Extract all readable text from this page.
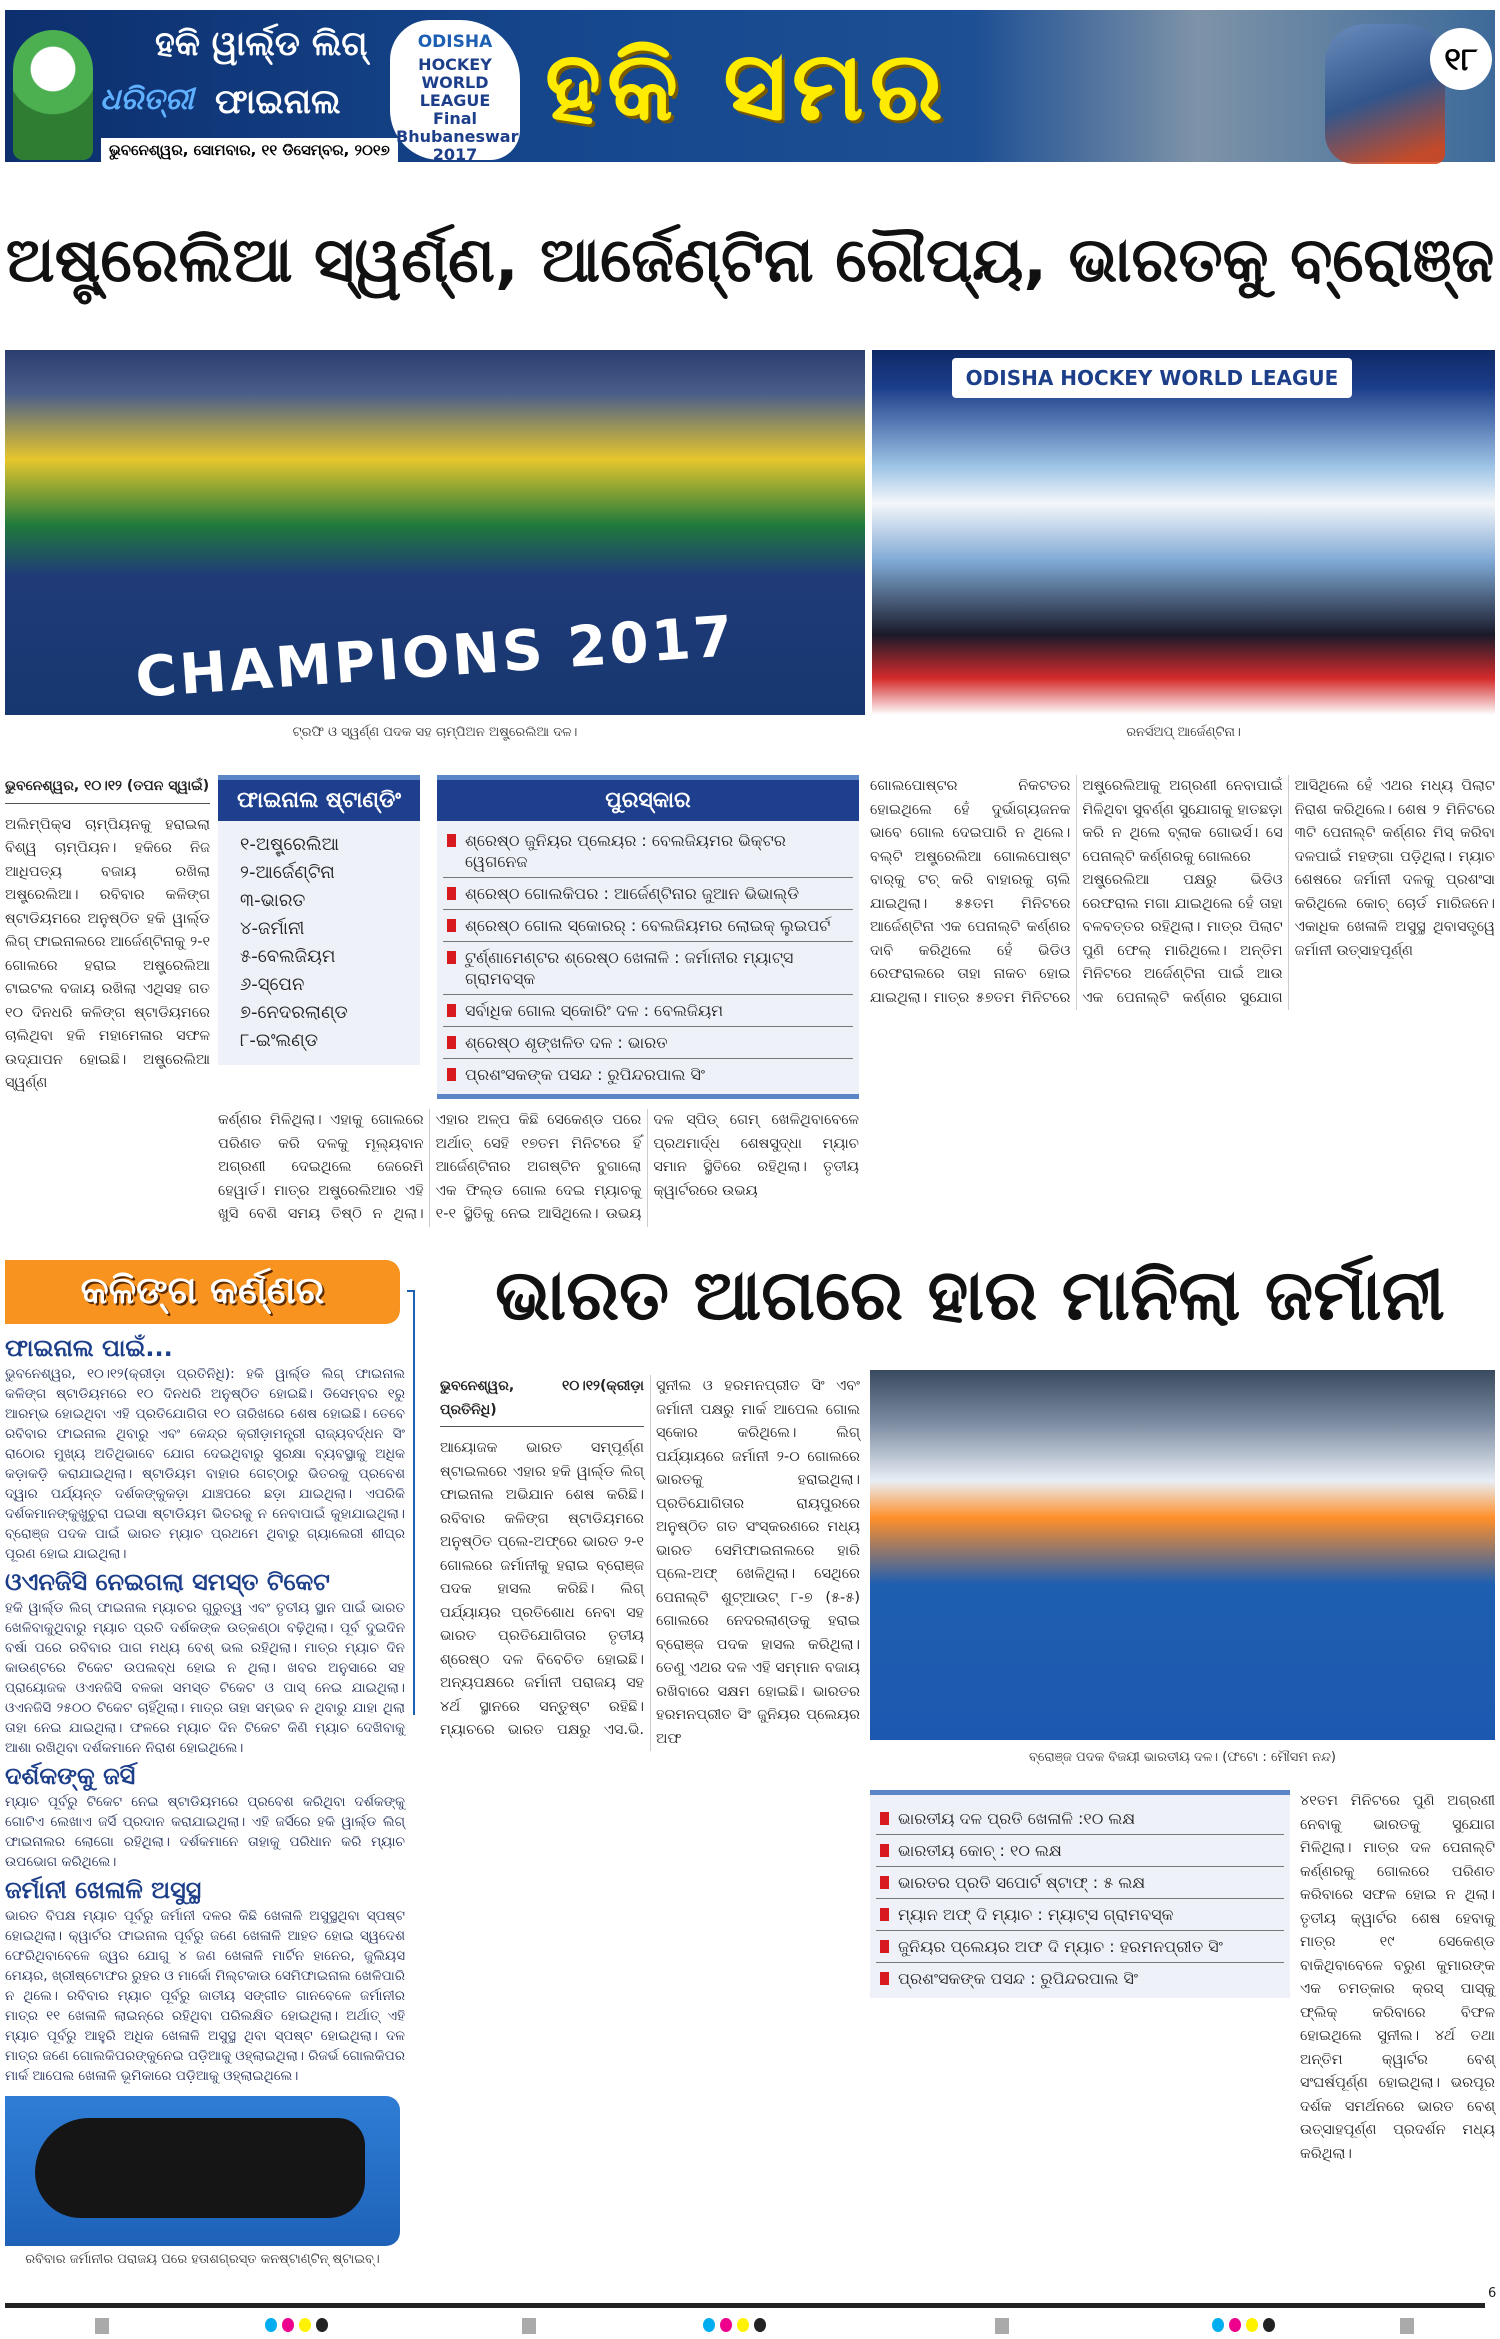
ହକି ୱାର୍ଲ୍ଡ ଲିଗ୍
ଧରିତ୍ରୀ ଫାଇନାଲ
ଭୁବନେଶ୍ୱର, ସୋମବାର, ୧୧ ଡିସେମ୍ବର, ୨୦୧୭
ODISHA
HOCKEY WORLD LEAGUE Final Bhubaneswar 2017
ହକି ସମର	୧୮
ଅଷ୍ଟ୍ରେଲିଆ ସ୍ୱର୍ଣ୍ଣ, ଆର୍ଜେଣ୍ଟିନା ରୌପ୍ୟ, ଭାରତକୁ ବ୍ରୋଞ୍ଜ
CHAMPIONS 2017
ODISHA HOCKEY WORLD LEAGUE
ଟ୍ରଫି ଓ ସ୍ୱର୍ଣ୍ଣ ପଦକ ସହ ଚାମ୍ପିଅନ ଅଷ୍ଟ୍ରେଲିଆ ଦଳ।	ରନର୍ସଅପ୍ ଆର୍ଜେଣ୍ଟିନା।
ଭୁବନେଶ୍ୱର, ୧୦।୧୨ (ତପନ ସ୍ୱାଇଁ)

ଅଲିମ୍ପିକ୍ସ ଚାମ୍ପିୟନକୁ ହରାଇଲା ବିଶ୍ୱ ଚାମ୍ପିୟନ। ହକିରେ ନିଜ ଆଧିପତ୍ୟ ବଜାୟ ରଖିଲା ଅଷ୍ଟ୍ରେଲିଆ। ରବିବାର କଳିଙ୍ଗ ଷ୍ଟାଡିୟମରେ ଅନୁଷ୍ଠିତ ହକି ୱାର୍ଲ୍ଡ ଲିଗ୍ ଫାଇନାଲରେ ଆର୍ଜେଣ୍ଟିନାକୁ ୨-୧ ଗୋଲରେ ହରାଇ ଅଷ୍ଟ୍ରେଲିଆ ଟାଇଟଲ ବଜାୟ ରଖିଲା ଏଥିସହ ଗତ ୧୦ ଦିନଧରି କଳିଙ୍ଗ ଷ୍ଟାଡିୟମରେ ଚାଲିଥିବା ହକି ମହାମେଳାର ସଫଳ ଉଦ୍‌ଯାପନ ହୋଇଛି। ଅଷ୍ଟ୍ରେଲିଆ ସ୍ୱର୍ଣ୍ଣ

ଫାଇନାଲ ଷ୍ଟାଣ୍ଡିଂ
୧-ଅଷ୍ଟ୍ରେଲିଆ
୨-ଆର୍ଜେଣ୍ଟିନା
୩-ଭାରତ
୪-ଜର୍ମାନୀ
୫-ବେଲଜିୟମ
୬-ସ୍ପେନ
୭-ନେଦରଲାଣ୍ଡ
୮-ଇଂଲଣ୍ଡ
ପୁରସ୍କାର
ଶ୍ରେଷ୍ଠ ଜୁନିୟର ପ୍ଲେୟର : ବେଲଜିୟମର ଭିକ୍ଟର ୱେଗନେଜ
ଶ୍ରେଷ୍ଠ ଗୋଲକିପର : ଆର୍ଜେଣ୍ଟିନାର ଜୁଆନ ଭିଭାଲ୍ଡି
ଶ୍ରେଷ୍ଠ ଗୋଲ ସ୍କୋରର୍ : ବେଲଜିୟମର ଲୋଇକ୍ ଲୁଇପର୍ଟ
ଟୁର୍ଣ୍ଣାମେଣ୍ଟର ଶ୍ରେଷ୍ଠ ଖେଳାଳି : ଜର୍ମାନୀର ମ୍ୟାଟ୍ସ ଗ୍ରାମବସ୍କ
ସର୍ବାଧିକ ଗୋଲ ସ୍କୋରିଂ ଦଳ : ବେଲଜିୟମ
ଶ୍ରେଷ୍ଠ ଶୃଙ୍ଖଳିତ ଦଳ : ଭାରତ
ପ୍ରଶଂସକଙ୍କ ପସନ୍ଦ : ରୁପିନ୍ଦରପାଲ ସିଂ

କର୍ଣ୍ଣର ମିଳିଥିଲା। ଏହାକୁ ଗୋଲରେ ପରିଣତ କରି ଦଳକୁ ମୂଲ୍ୟବାନ ଅଗ୍ରଣୀ ଦେଇଥିଲେ ଜେରେମି ହେୱାର୍ଡ। ମାତ୍ର ଅଷ୍ଟ୍ରେଲିଆର ଏହି ଖୁସି ବେଶି ସମୟ ତିଷ୍ଠି ନ ଥିଲା। ଏହାର ଅଳ୍ପ କିଛି ସେକେଣ୍ଡ ପରେ ଅର୍ଥାତ୍ ସେହି ୧୭ତମ ମିନିଟରେ ହିଁ ଆର୍ଜେଣ୍ଟିନାର ଅଗଷ୍ଟିନ ବୁଗାଲୋ ଏକ ଫିଲ୍ଡ ଗୋଲ ଦେଇ ମ୍ୟାଚକୁ ୧-୧ ସ୍ଥିତିକୁ ନେଇ ଆସିଥିଲେ। ଉଭୟ ଦଳ ସ୍ପିଡ୍ ଗେମ୍ ଖେଳିଥିବାବେଳେ ପ୍ରଥମାର୍ଦ୍ଧ ଶେଷସୁଦ୍ଧା ମ୍ୟାଚ ସମାନ ସ୍ଥିତିରେ ରହିଥିଲା। ତୃତୀୟ କ୍ୱାର୍ଟରରେ ଉଭୟ

ଗୋଲପୋଷ୍ଟର ନିକଟତର ହୋଇଥିଲେ ହେଁ ଦୁର୍ଭାଗ୍ୟଜନକ ଭାବେ ଗୋଲ ଦେଇପାରି ନ ଥିଲେ। ବଲ୍‌ଟି ଅଷ୍ଟ୍ରେଲିଆ ଗୋଲପୋଷ୍ଟ ବାର୍‌କୁ ଟଚ୍ କରି ବାହାରକୁ ଚାଲି ଯାଇଥିଲା। ୫୫ତମ ମିନିଟରେ ଆର୍ଜେଣ୍ଟିନା ଏକ ପେନାଲ୍ଟି କର୍ଣ୍ଣର ଦାବି କରିଥିଲେ ହେଁ ଭିଡିଓ ରେଫରାଲରେ ତାହା ନାକଚ ହୋଇ ଯାଇଥିଲା। ମାତ୍ର ୫୭ତମ ମିନିଟରେ ଅଷ୍ଟ୍ରେଲିଆକୁ ଅଗ୍ରଣୀ ନେବାପାଇଁ ମିଳିଥିବା ସୁବର୍ଣ୍ଣ ସୁଯୋଗକୁ ହାତଛଡ଼ା କରି ନ ଥିଲେ ବ୍ଲାକ ଗୋଭର୍ସ। ସେ ପେନାଲ୍ଟି କର୍ଣ୍ଣରକୁ ଗୋଲରେ

ଅଷ୍ଟ୍ରେଲିଆ ପକ୍ଷରୁ ଭିଡିଓ ରେଫରାଲ ମଗା ଯାଇଥିଲେ ହେଁ ତାହା ବଳବତ୍ତର ରହିଥିଲା। ମାତ୍ର ପିଲାଟ ପୁଣି ଫେଲ୍ ମାରିଥିଲେ। ଅନ୍ତିମ ମିନିଟରେ ଅର୍ଜେଣ୍ଟିନା ପାଇଁ ଆଉ ଏକ ପେନାଲ୍ଟି କର୍ଣ୍ଣର ସୁଯୋଗ ଆସିଥିଲେ ହେଁ ଏଥର ମଧ୍ୟ ପିଲାଟ ନିରାଶ କରିଥିଲେ। ଶେଷ ୨ ମିନିଟରେ ୩ଟି ପେନାଲ୍ଟି କର୍ଣ୍ଣର ମିସ୍ କରିବା ଦଳପାଇଁ ମହଙ୍ଗା ପଡ଼ିଥିଲା। ମ୍ୟାଚ ଶେଷରେ ଜର୍ମାନୀ ଦଳକୁ ପ୍ରଶଂସା କରିଥିଲେ କୋଚ୍ ଚୋର୍ଡ ମାରିଜନେ। ଏକାଧିକ ଖେଳାଳି ଅସୁସ୍ଥ ଥିବାସତ୍ତ୍ୱେ ଜର୍ମାନୀ ଉତ୍ସାହପୂର୍ଣ୍ଣ

କଳିଙ୍ଗ କର୍ଣ୍ଣର
ଫାଇନାଲ ପାଇଁ...

ଭୁବନେଶ୍ୱର, ୧୦।୧୨(କ୍ରୀଡ଼ା ପ୍ରତିନିଧି): ହକି ୱାର୍ଲ୍ଡ ଲିଗ୍ ଫାଇନାଲ କଳିଙ୍ଗ ଷ୍ଟାଡିୟମରେ ୧୦ ଦିନଧରି ଅନୁଷ୍ଠିତ ହୋଇଛି। ଡିସେମ୍ବର ୧ରୁ ଆରମ୍ଭ ହୋଇଥିବା ଏହି ପ୍ରତିଯୋଗିତା ୧୦ ତାରିଖରେ ଶେଷ ହୋଇଛି। ତେବେ ରବିବାର ଫାଇନାଲ ଥିବାରୁ ଏବଂ କେନ୍ଦ୍ର କ୍ରୀଡ଼ାମନ୍ତ୍ରୀ ରାଜ୍ୟବର୍ଦ୍ଧନ ସିଂ ରାଠୋର ମୁଖ୍ୟ ଅତିଥିଭାବେ ଯୋଗ ଦେଇଥିବାରୁ ସୁରକ୍ଷା ବ୍ୟବସ୍ଥାକୁ ଅଧିକ କଡ଼ାକଡ଼ି କରାଯାଇଥିଲା। ଷ୍ଟାଡିୟମ ବାହାର ଗେଟ୍‌ଠାରୁ ଭିତରକୁ ପ୍ରବେଶ ଦ୍ୱାର ପର୍ଯ୍ୟନ୍ତ ଦର୍ଶକଙ୍କୁକଡ଼ା ଯାଞ୍ଚପରେ ଛଡ଼ା ଯାଇଥିଲା। ଏପରିକି ଦର୍ଶକମାନଙ୍କୁଖୁଚୁରା ପଇସା ଷ୍ଟାଡିୟମ ଭିତରକୁ ନ ନେବାପାଇଁ କୁହାଯାଇଥିଲା। ବ୍ରୋଞ୍ଜ ପଦକ ପାଇଁ ଭାରତ ମ୍ୟାଚ ପ୍ରଥମେ ଥିବାରୁ ଗ୍ୟାଲେରୀ ଶୀଘ୍ର ପୂରଣ ହୋଇ ଯାଇଥିଲା।

ଓଏନଜିସି ନେଇଗଲା ସମସ୍ତ ଟିକେଟ

ହକି ୱାର୍ଲ୍ଡ ଲିଗ୍ ଫାଇନାଲ ମ୍ୟାଚର ଗୁରୁତ୍ୱ ଏବଂ ତୃତୀୟ ସ୍ଥାନ ପାଇଁ ଭାରତ ଖେଳିବାକୁଥିବାରୁ ମ୍ୟାଚ ପ୍ରତି ଦର୍ଶକଙ୍କ ଉତ୍କଣ୍ଠା ବଢ଼ିଥିଲା। ପୂର୍ବ ଦୁଇଦିନ ବର୍ଷା ପରେ ରବିବାର ପାଗ ମଧ୍ୟ ବେଶ୍ ଭଲ ରହିଥିଲା। ମାତ୍ର ମ୍ୟାଚ ଦିନ କାଉଣ୍ଟରେ ଟିକେଟ ଉପଲବ୍ଧ ହୋଇ ନ ଥିଲା। ଖବର ଅନୁସାରେ ସହ ପ୍ରାୟୋଜକ ଓଏନଜିସି ବଳକା ସମସ୍ତ ଟିକେଟ ଓ ପାସ୍ ନେଇ ଯାଇଥିଲା। ଓଏନଜିସି ୨୫୦୦ ଟିକେଟ ଚାହିଁଥିଲା। ମାତ୍ର ତାହା ସମ୍ଭବ ନ ଥିବାରୁ ଯାହା ଥିଲା ତାହା ନେଇ ଯାଇଥିଲା। ଫଳରେ ମ୍ୟାଚ ଦିନ ଟିକେଟ କିଣି ମ୍ୟାଚ ଦେଖିବାକୁ ଆଶା ରଖିଥିବା ଦର୍ଶକମାନେ ନିରାଶ ହୋଇଥିଲେ।

ଦର୍ଶକଙ୍କୁ ଜର୍ସି

ମ୍ୟାଚ ପୂର୍ବରୁ ଟିକେଟ ନେଇ ଷ୍ଟାଡିୟମରେ ପ୍ରବେଶ କରିଥିବା ଦର୍ଶକଙ୍କୁ ଗୋଟିଏ ଲେଖାଏ ଜର୍ସି ପ୍ରଦାନ କରାଯାଇଥିଲା। ଏହି ଜର୍ସିରେ ହକି ୱାର୍ଲ୍ଡ ଲିଗ୍ ଫାଇନାଲର ଲୋଗୋ ରହିଥିଲା। ଦର୍ଶକମାନେ ତାହାକୁ ପରିଧାନ କରି ମ୍ୟାଚ ଉପଭୋଗ କରିଥିଲେ।

ଜର୍ମାନୀ ଖେଳାଳି ଅସୁସ୍ଥ

ଭାରତ ବିପକ୍ଷ ମ୍ୟାଚ ପୂର୍ବରୁ ଜର୍ମାନୀ ଦଳର କିଛି ଖେଳାଳି ଅସୁସ୍ଥଥିବା ସ୍ପଷ୍ଟ ହୋଇଥିଲା। କ୍ୱାର୍ଟର ଫାଇନାଲ ପୂର୍ବରୁ ଜଣେ ଖେଳାଳି ଆହତ ହୋଇ ସ୍ୱଦେଶ ଫେରିଥିବାବେଳେ ଜ୍ୱର ଯୋଗୁ ୪ ଜଣ ଖେଳାଳି ମାର୍ଟିନ ହାନେର, ଜୁଲିୟସ ମେୟର, ଖ୍ରୀଷ୍ଟୋଫର ରୁହର ଓ ମାର୍କୋ ମିଲ୍‌ଟକାଉ ସେମିଫାଇନାଲ ଖେଳିପାରି ନ ଥିଲେ। ରବିବାର ମ୍ୟାଚ ପୂର୍ବରୁ ଜାତୀୟ ସଙ୍ଗୀତ ଗାନବେଳେ ଜର୍ମାନୀର ମାତ୍ର ୧୧ ଖେଳାଳି ଲାଇନ୍‌ରେ ରହିଥିବା ପରିଲକ୍ଷିତ ହୋଇଥିଲା। ଅର୍ଥାତ୍ ଏହି ମ୍ୟାଚ ପୂର୍ବରୁ ଆହୁରି ଅଧିକ ଖେଳାଳି ଅସୁସ୍ଥ ଥିବା ସ୍ପଷ୍ଟ ହୋଇଥିଲା। ଦଳ ମାତ୍ର ଜଣେ ଗୋଲକିପରଙ୍କୁନେଇ ପଡ଼ିଆକୁ ଓହ୍ଲାଇଥିଲା। ରିଜର୍ଭ ଗୋଲକିପର ମାର୍କ ଆପେଲ ଖେଳାଳି ଭୂମିକାରେ ପଡ଼ିଆକୁ ଓହ୍ଲାଇଥିଲେ।

ରବିବାର ଜର୍ମାନୀର ପରାଜୟ ପରେ ହତାଶଗ୍ରସ୍ତ କନଷ୍ଟାଣ୍ଟିନ୍ ଷ୍ଟାଇବ୍।
ଭାରତ ଆଗରେ ହାର ମାନିଲା ଜର୍ମାନୀ
ଭୁବନେଶ୍ୱର, ୧୦।୧୨(କ୍ରୀଡ଼ା ପ୍ରତିନିଧି)

ଆୟୋଜକ ଭାରତ ସମ୍ପୂର୍ଣ୍ଣ ଷ୍ଟାଇଲରେ ଏହାର ହକି ୱାର୍ଲ୍ଡ ଲିଗ୍ ଫାଇନାଲ ଅଭିଯାନ ଶେଷ କରିଛି। ରବିବାର କଳିଙ୍ଗ ଷ୍ଟାଡିୟମରେ ଅନୁଷ୍ଠିତ ପ୍ଲେ-ଅଫ୍‌ରେ ଭାରତ ୨-୧ ଗୋଲରେ ଜର୍ମାନୀକୁ ହରାଇ ବ୍ରୋଞ୍ଜ ପଦକ ହାସଲ କରିଛି। ଲିଗ୍ ପର୍ଯ୍ୟାୟର ପ୍ରତିଶୋଧ ନେବା ସହ ଭାରତ ପ୍ରତିଯୋଗିତାର ତୃତୀୟ ଶ୍ରେଷ୍ଠ ଦଳ ବିବେଚିତ ହୋଇଛି। ଅନ୍ୟପକ୍ଷରେ ଜର୍ମାନୀ ପରାଜୟ ସହ ୪ର୍ଥ ସ୍ଥାନରେ ସନ୍ତୁଷ୍ଟ ରହିଛି। ମ୍ୟାଚରେ ଭାରତ ପକ୍ଷରୁ ଏସ.ଭି. ସୁନୀଲ ଓ ହରମନପ୍ରୀତ ସିଂ ଏବଂ ଜର୍ମାନୀ ପକ୍ଷରୁ ମାର୍କ ଆପେଲ ଗୋଲ ସ୍କୋର କରିଥିଲେ। ଲିଗ୍ ପର୍ଯ୍ୟାୟରେ ଜର୍ମାନୀ ୨-୦ ଗୋଲରେ ଭାରତକୁ ହରାଇଥିଲା। ପ୍ରତିଯୋଗିତାର ରାୟପୁରରେ ଅନୁଷ୍ଠିତ ଗତ ସଂସ୍କରଣରେ ମଧ୍ୟ ଭାରତ ସେମିଫାଇନାଲରେ ହାରି ପ୍ଲେ-ଅଫ୍ ଖେଳିଥିଲା। ସେଥିରେ ପେନାଲ୍ଟି ଶୁଟ୍‌ଆଉଟ୍ ୮-୭ (୫-୫) ଗୋଲରେ ନେଦରଲାଣ୍ଡକୁ ହରାଇ ବ୍ରୋଞ୍ଜ ପଦକ ହାସଲ କରିଥିଲା। ତେଣୁ ଏଥର ଦଳ ଏହି ସମ୍ମାନ ବଜାୟ ରଖିବାରେ ସକ୍ଷମ ହୋଇଛି। ଭାରତର ହରମନପ୍ରୀତ ସିଂ ଜୁନିୟର ପ୍ଲେୟର ଅଫ

ବ୍ରୋଞ୍ଜ ପଦକ ବିଜୟୀ ଭାରତୀୟ ଦଳ। (ଫଟୋ : ମୌସମ ନନ୍ଦ)
ଭାରତୀୟ ଦଳ ପ୍ରତି ଖେଳାଳି :୧୦ ଲକ୍ଷ
ଭାରତୀୟ କୋଚ୍ : ୧୦ ଲକ୍ଷ
ଭାରତର ପ୍ରତି ସପୋର୍ଟ ଷ୍ଟାଫ୍ : ୫ ଲକ୍ଷ
ମ୍ୟାନ ଅଫ୍ ଦି ମ୍ୟାଚ : ମ୍ୟାଟ୍ସ ଗ୍ରାମବସ୍କ
ଜୁନିୟର ପ୍ଲେୟର ଅଫ ଦି ମ୍ୟାଚ : ହରମନପ୍ରୀତ ସିଂ
ପ୍ରଶଂସକଙ୍କ ପସନ୍ଦ : ରୁପିନ୍ଦରପାଲ ସିଂ

୪୧ତମ ମିନିଟରେ ପୁଣି ଅଗ୍ରଣୀ ନେବାକୁ ଭାରତକୁ ସୁଯୋଗ ମିଳିଥିଲା। ମାତ୍ର ଦଳ ପେନାଲ୍ଟି କର୍ଣ୍ଣରକୁ ଗୋଲରେ ପରିଣତ କରିବାରେ ସଫଳ ହୋଇ ନ ଥିଲା। ତୃତୀୟ କ୍ୱାର୍ଟର ଶେଷ ହେବାକୁ ମାତ୍ର ୧୯ ସେକେଣ୍ଡ ବାକିଥିବାବେଳେ ବରୁଣ କୁମାରଙ୍କ ଏକ ଚମତ୍କାର କ୍ରସ୍ ପାସ୍‌କୁ ଫ୍ଲିକ୍ କରିବାରେ ବିଫଳ ହୋଇଥିଲେ ସୁନୀଲ। ୪ର୍ଥ ତଥା ଅନ୍ତିମ କ୍ୱାର୍ଟର ବେଶ୍ ସଂଘର୍ଷପୂର୍ଣ୍ଣ ହୋଇଥିଲା। ଭରପୂର ଦର୍ଶକ ସମର୍ଥନରେ ଭାରତ ବେଶ୍ ଉତ୍ସାହପୂର୍ଣ୍ଣ ପ୍ରଦର୍ଶନ ମଧ୍ୟ କରିଥିଲା।

6
